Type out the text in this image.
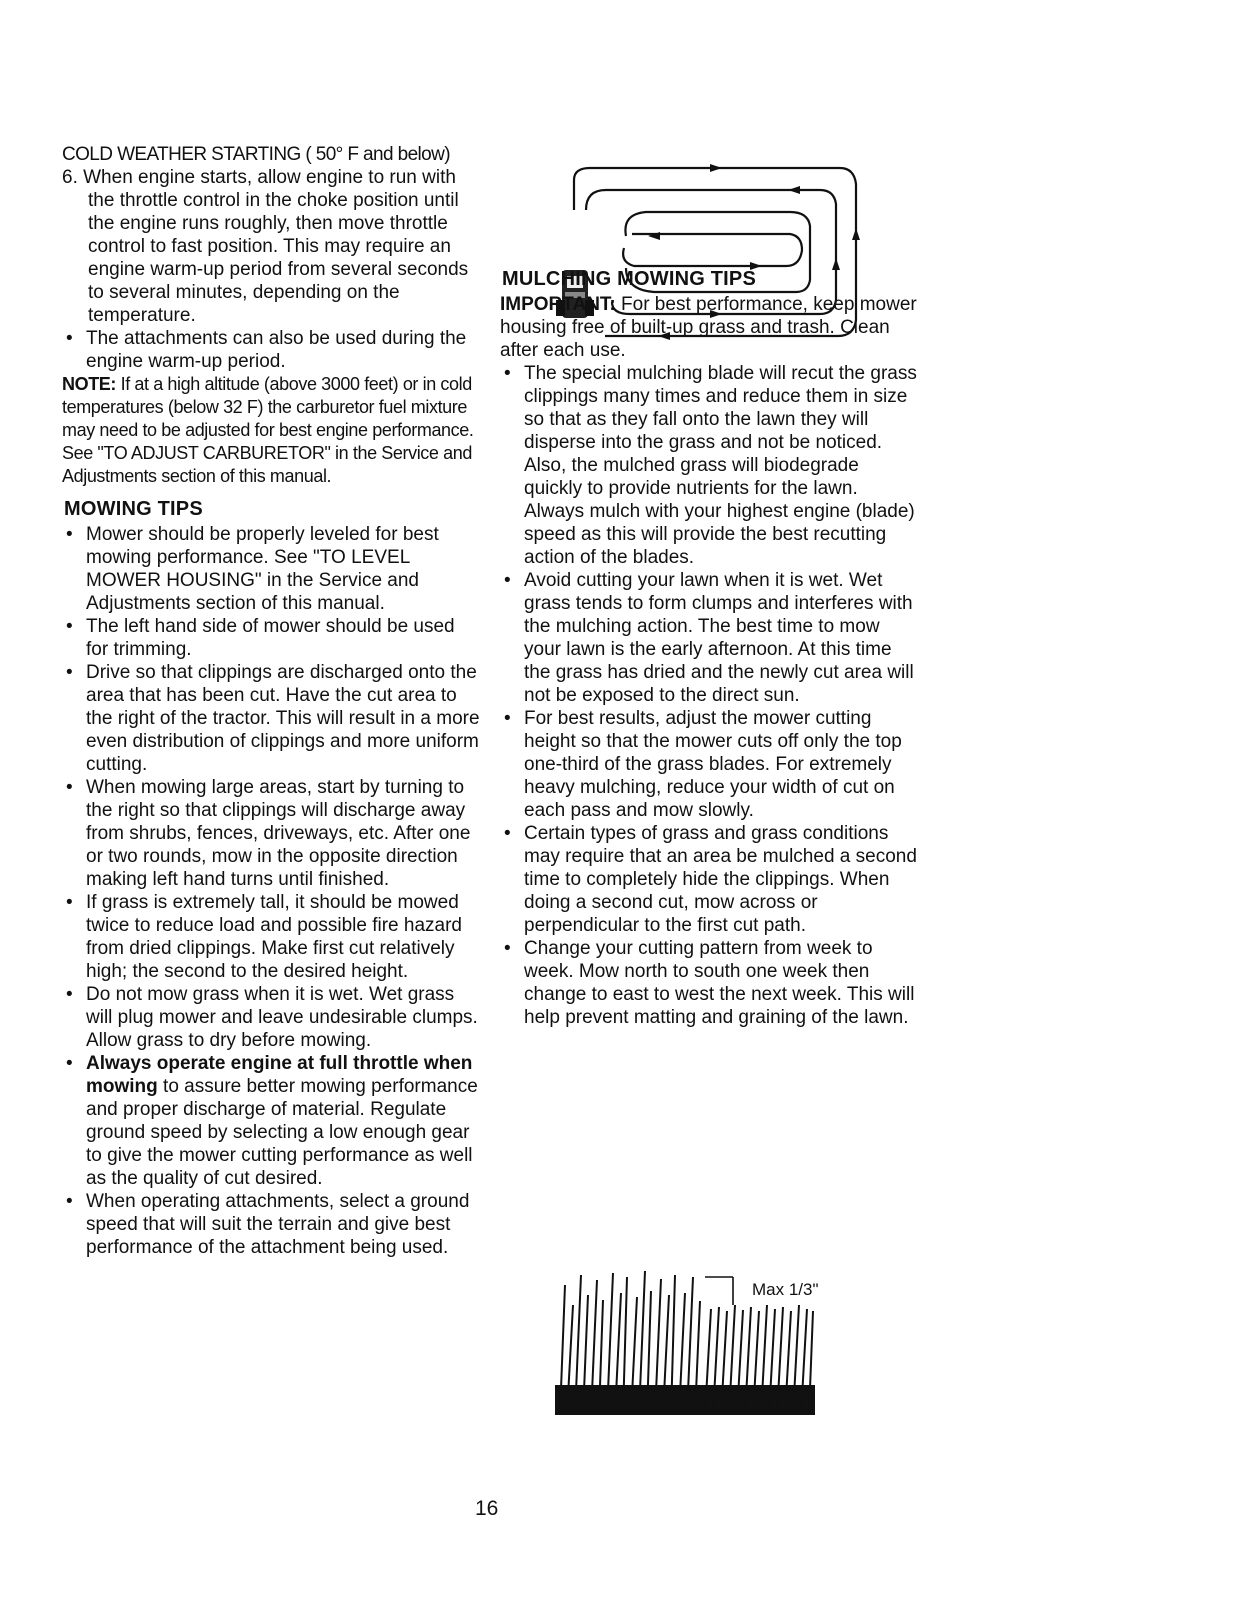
Max 1/3"

COLD WEATHER STARTING ( 50° F and below)

6. When engine starts, allow engine to run with the throttle control in the choke position until the engine runs roughly, then move throttle control to fast position. This may require an engine warm-up period from several seconds to several minutes, depending on the temperature.

• The attachments can also be used during the engine warm-up period.

NOTE: If at a high altitude (above 3000 feet) or in cold temperatures (below 32 F) the carburetor fuel mixture may need to be adjusted for best engine performance. See "TO ADJUST CARBURETOR" in the Service and Adjustments section of this manual.

MOWING TIPS
• Mower should be properly leveled for best mowing performance. See "TO LEVEL MOWER HOUSING" in the Service and Adjustments section of this manual.
• The left hand side of mower should be used for trimming.
• Drive so that clippings are discharged onto the area that has been cut. Have the cut area to the right of the tractor. This will result in a more even distribution of clippings and more uniform cutting.
• When mowing large areas, start by turning to the right so that clippings will discharge away from shrubs, fences, driveways, etc. After one or two rounds, mow in the opposite direction making left hand turns until finished.
• If grass is extremely tall, it should be mowed twice to reduce load and possible fire hazard from dried clippings. Make first cut relatively high; the second to the desired height.
• Do not mow grass when it is wet. Wet grass will plug mower and leave undesirable clumps. Allow grass to dry before mowing.
• Always operate engine at full throttle when mowing to assure better mowing performance and proper discharge of material. Regulate ground speed by selecting a low enough gear to give the mower cutting performance as well as the quality of cut desired.
• When operating attachments, select a ground speed that will suit the terrain and give best performance of the attachment being used.
MULCHING MOWING TIPS

IMPORTANT: For best performance, keep mower housing free of built-up grass and trash. Clean after each use.

• The special mulching blade will recut the grass clippings many times and reduce them in size so that as they fall onto the lawn they will disperse into the grass and not be noticed. Also, the mulched grass will biodegrade quickly to provide nutrients for the lawn. Always mulch with your highest engine (blade) speed as this will provide the best recutting action of the blades.
• Avoid cutting your lawn when it is wet. Wet grass tends to form clumps and interferes with the mulching action. The best time to mow your lawn is the early afternoon. At this time the grass has dried and the newly cut area will not be exposed to the direct sun.
• For best results, adjust the mower cutting height so that the mower cuts off only the top one-third of the grass blades. For extremely heavy mulching, reduce your width of cut on each pass and mow slowly.
• Certain types of grass and grass conditions may require that an area be mulched a second time to completely hide the clippings. When doing a second cut, mow across or perpendicular to the first cut path.
• Change your cutting pattern from week to week. Mow north to south one week then change to east to west the next week. This will help prevent matting and graining of the lawn.
16
